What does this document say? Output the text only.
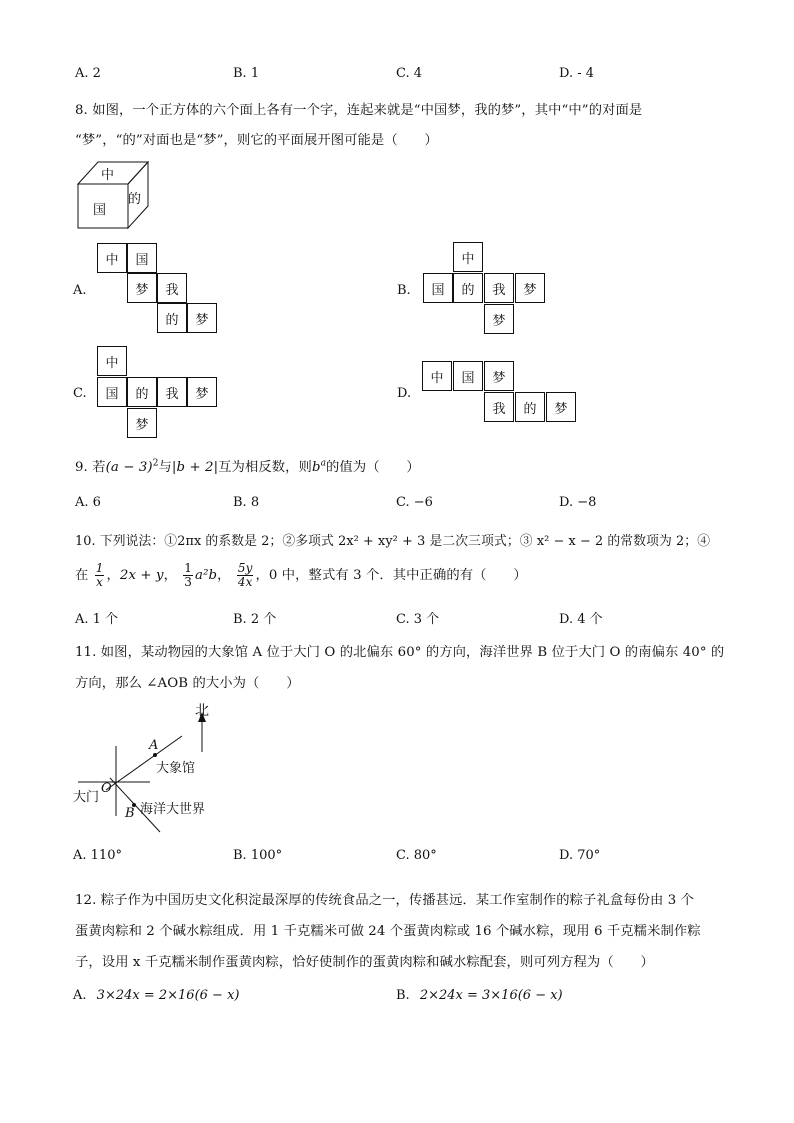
A. 2	B. 1	C. 4	D. - 4
8. 如图，一个正方体的六个面上各有一个字，连起来就是“中国梦，我的梦”，其中“中”的对面是
“梦”，“的”对面也是“梦”，则它的平面展开图可能是（　　）
中
国
的
A.
中	国
梦	我
的	梦
B.
中
国	的	我	梦
梦
C.
中
国	的	我	梦
梦
D.
中	国	梦
我	的	梦
9. 若$(a - 3)^2$与|b + 2|互为相反数，则$b^a$的值为（　　）
A. 6	B. 8	C. −6	D. −8
10. 下列说法：①2πx 的系数是 2；②多项式 2x² + xy² + 3 是二次三项式；③ x² − x − 2 的常数项为 2；④
在 $\frac{1}{x}$ ，2x + y， $\frac{1}{3} a^2b$， $\frac{5y}{4x}$ ，0 中，整式有 3 个．其中正确的有（　　）
A. 1 个	B. 2 个	C. 3 个	D. 4 个
11. 如图，某动物园的大象馆 A 位于大门 O 的北偏东 60° 的方向，海洋世界 B 位于大门 O 的南偏东 40° 的
方向，那么 ∠AOB 的大小为（　　）
北
A
大象馆
O
大门
B 海洋大世界
A. 110°	B. 100°	C. 80°	D. 70°
12. 粽子作为中国历史文化积淀最深厚的传统食品之一，传播甚远．某工作室制作的粽子礼盒每份由 3 个
蛋黄肉粽和 2 个碱水粽组成．用 1 千克糯米可做 24 个蛋黄肉粽或 16 个碱水粽，现用 6 千克糯米制作粽
子，设用 x 千克糯米制作蛋黄肉粽，恰好使制作的蛋黄肉粽和碱水粽配套，则可列方程为（　　）
A. 3×24x = 2×16(6 − x)	B. 2×24x = 3×16(6 − x)
